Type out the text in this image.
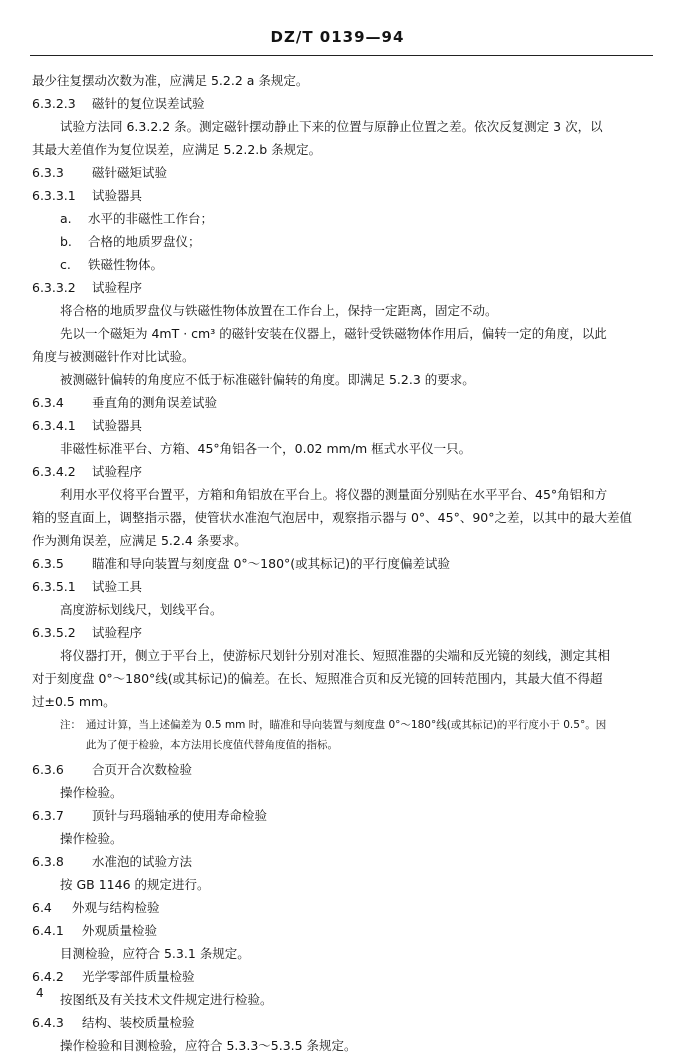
DZ/T 0139—94
最少往复摆动次数为准，应满足 5.2.2 a 条规定。
6.3.2.3 磁针的复位误差试验
试验方法同 6.3.2.2 条。测定磁针摆动静止下来的位置与原静止位置之差。依次反复测定 3 次，以
其最大差值作为复位误差，应满足 5.2.2.b 条规定。
6.3.3 磁针磁矩试验
6.3.3.1 试验器具
a. 水平的非磁性工作台；
b. 合格的地质罗盘仪；
c. 铁磁性物体。
6.3.3.2 试验程序
将合格的地质罗盘仪与铁磁性物体放置在工作台上，保持一定距离，固定不动。
先以一个磁矩为 4mT · cm³ 的磁针安装在仪器上，磁针受铁磁物体作用后，偏转一定的角度，以此
角度与被测磁针作对比试验。
被测磁针偏转的角度应不低于标准磁针偏转的角度。即满足 5.2.3 的要求。
6.3.4 垂直角的测角误差试验
6.3.4.1 试验器具
非磁性标准平台、方箱、45°角铝各一个，0.02 mm/m 框式水平仪一只。
6.3.4.2 试验程序
利用水平仪将平台置平，方箱和角铝放在平台上。将仪器的测量面分别贴在水平平台、45°角铝和方
箱的竖直面上，调整指示器，使管状水准泡气泡居中，观察指示器与 0°、45°、90°之差，以其中的最大差值
作为测角误差，应满足 5.2.4 条要求。
6.3.5 瞄准和导向装置与刻度盘 0°～180°(或其标记)的平行度偏差试验
6.3.5.1 试验工具
高度游标划线尺，划线平台。
6.3.5.2 试验程序
将仪器打开，侧立于平台上，使游标尺划针分别对准长、短照准器的尖端和反光镜的刻线，测定其相
对于刻度盘 0°～180°线(或其标记)的偏差。在长、短照准合页和反光镜的回转范围内，其最大值不得超
过±0.5 mm。
注： 通过计算，当上述偏差为 0.5 mm 时，瞄准和导向装置与刻度盘 0°～180°线(或其标记)的平行度小于 0.5°。因
此为了便于检验，本方法用长度值代替角度值的指标。
6.3.6 合页开合次数检验
操作检验。
6.3.7 顶针与玛瑙轴承的使用寿命检验
操作检验。
6.3.8 水准泡的试验方法
按 GB 1146 的规定进行。
6.4 外观与结构检验
6.4.1 外观质量检验
目测检验，应符合 5.3.1 条规定。
6.4.2 光学零部件质量检验
按图纸及有关技术文件规定进行检验。
6.4.3 结构、装校质量检验
操作检验和目测检验，应符合 5.3.3～5.3.5 条规定。
4
